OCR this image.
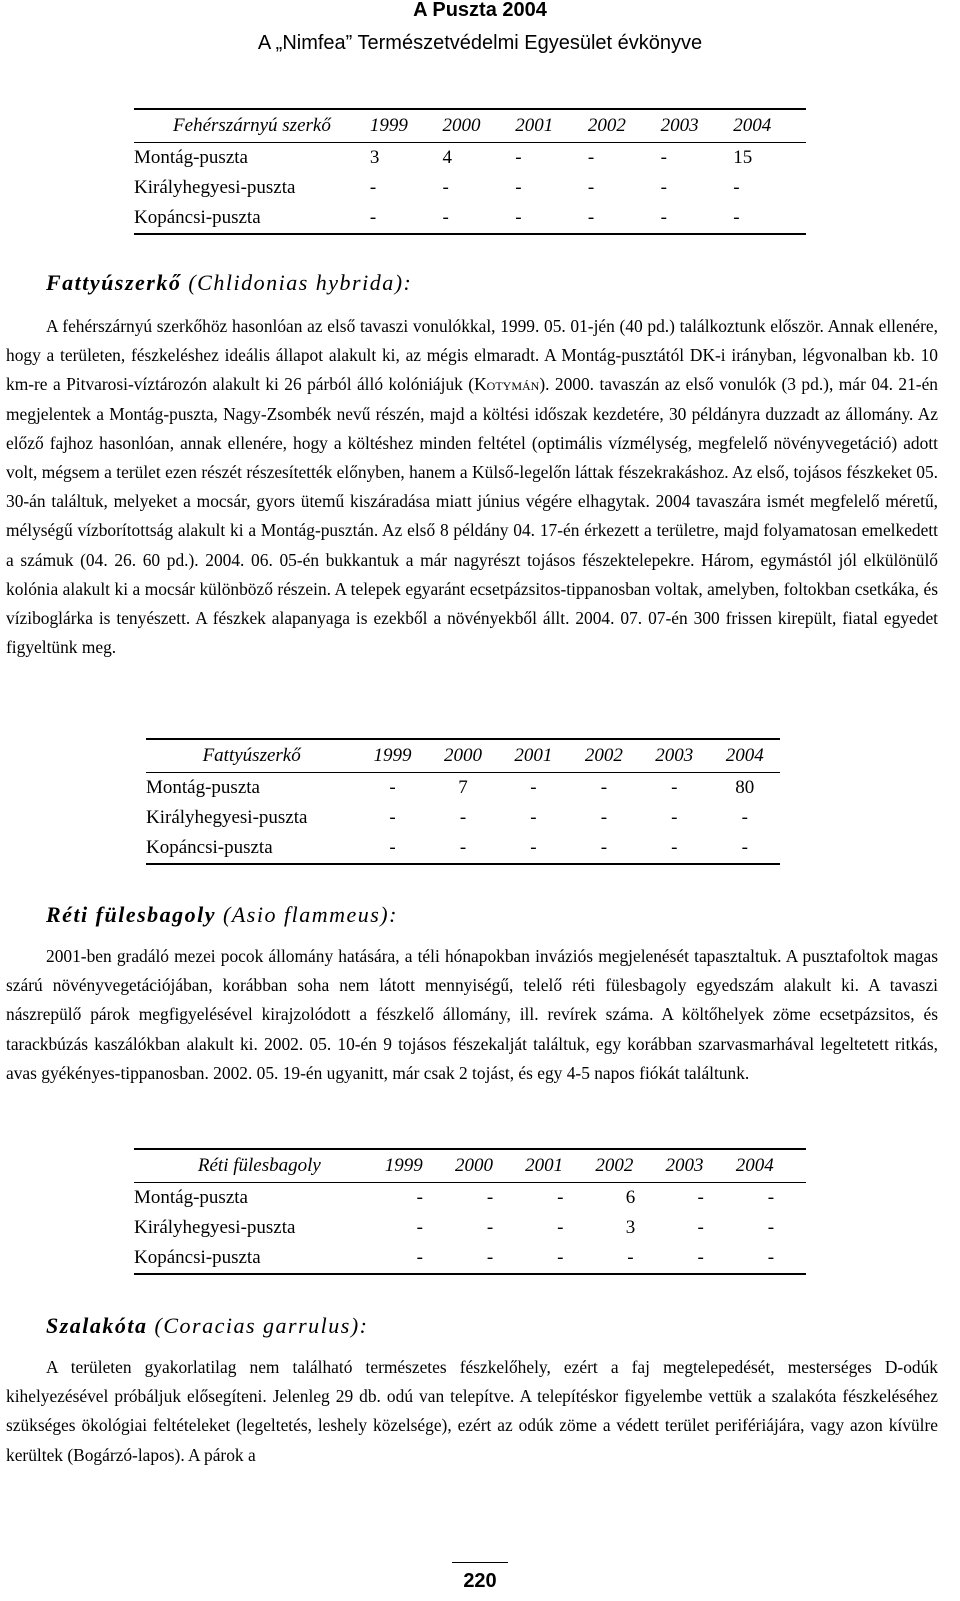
A Puszta 2004
A „Nimfea” Természetvédelmi Egyesület évkönyve
Fehérszárnyú szerkő	1999	2000	2001	2002	2003	2004
Montág-puszta	3	4	-	-	-	15
Királyhegyesi-puszta	-	-	-	-	-	-
Kopáncsi-puszta	-	-	-	-	-	-
Fattyúszerkő (Chlidonias hybrida):

A fehérszárnyú szerkőhöz hasonlóan az első tavaszi vonulókkal, 1999. 05. 01-jén (40 pd.) találkoztunk először. Annak ellenére, hogy a területen, fészkeléshez ideális állapot alakult ki, az mégis elmaradt. A Montág-pusztától DK-i irányban, légvonalban kb. 10 km-re a Pitvarosi-víztározón alakult ki 26 párból álló kolóniájuk (Kotymán). 2000. tavaszán az első vonulók (3 pd.), már 04. 21-én megjelentek a Montág-puszta, Nagy-Zsombék nevű részén, majd a költési időszak kezdetére, 30 példányra duzzadt az állomány. Az előző fajhoz hasonlóan, annak ellenére, hogy a költéshez minden feltétel (optimális vízmélység, megfelelő növényvegetáció) adott volt, mégsem a terület ezen részét részesítették előnyben, hanem a Külső-legelőn láttak fészekrakáshoz. Az első, tojásos fészkeket 05. 30-án találtuk, melyeket a mocsár, gyors ütemű kiszáradása miatt június végére elhagytak. 2004 tavaszára ismét megfelelő méretű, mélységű vízborítottság alakult ki a Montág-pusztán. Az első 8 példány 04. 17-én érkezett a területre, majd folyamatosan emelkedett a számuk (04. 26. 60 pd.). 2004. 06. 05-én bukkantuk a már nagyrészt tojásos fészektelepekre. Három, egymástól jól elkülönülő kolónia alakult ki a mocsár különböző részein. A telepek egyaránt ecsetpázsitos-tippanosban voltak, amelyben, foltokban csetkáka, és víziboglárka is tenyészett. A fészkek alapanyaga is ezekből a növényekből állt. 2004. 07. 07-én 300 frissen kirepült, fiatal egyedet figyeltünk meg.

Fattyúszerkő	1999	2000	2001	2002	2003	2004
Montág-puszta	-	7	-	-	-	80
Királyhegyesi-puszta	-	-	-	-	-	-
Kopáncsi-puszta	-	-	-	-	-	-
Réti fülesbagoly (Asio flammeus):

2001-ben gradáló mezei pocok állomány hatására, a téli hónapokban inváziós megjelenését tapasztaltuk. A pusztafoltok magas szárú növényvegetációjában, korábban soha nem látott mennyiségű, telelő réti fülesbagoly egyedszám alakult ki. A tavaszi nászrepülő párok megfigyelésével kirajzolódott a fészkelő állomány, ill. revírek száma. A költőhelyek zöme ecsetpázsitos, és tarackbúzás kaszálókban alakult ki. 2002. 05. 10-én 9 tojásos fészekalját találtuk, egy korábban szarvasmarhával legeltetett ritkás, avas gyékényes-tippanosban. 2002. 05. 19-én ugyanitt, már csak 2 tojást, és egy 4-5 napos fiókát találtunk.

Réti fülesbagoly	1999	2000	2001	2002	2003	2004
Montág-puszta	-	-	-	6	-	-
Királyhegyesi-puszta	-	-	-	3	-	-
Kopáncsi-puszta	-	-	-	-	-	-
Szalakóta (Coracias garrulus):

A területen gyakorlatilag nem található természetes fészkelőhely, ezért a faj megtelepedését, mesterséges D-odúk kihelyezésével próbáljuk elősegíteni. Jelenleg 29 db. odú van telepítve. A telepítéskor figyelembe vettük a szalakóta fészkeléséhez szükséges ökológiai feltételeket (legeltetés, leshely közelsége), ezért az odúk zöme a védett terület perifériájára, vagy azon kívülre kerültek (Bogárzó-lapos). A párok a

220
